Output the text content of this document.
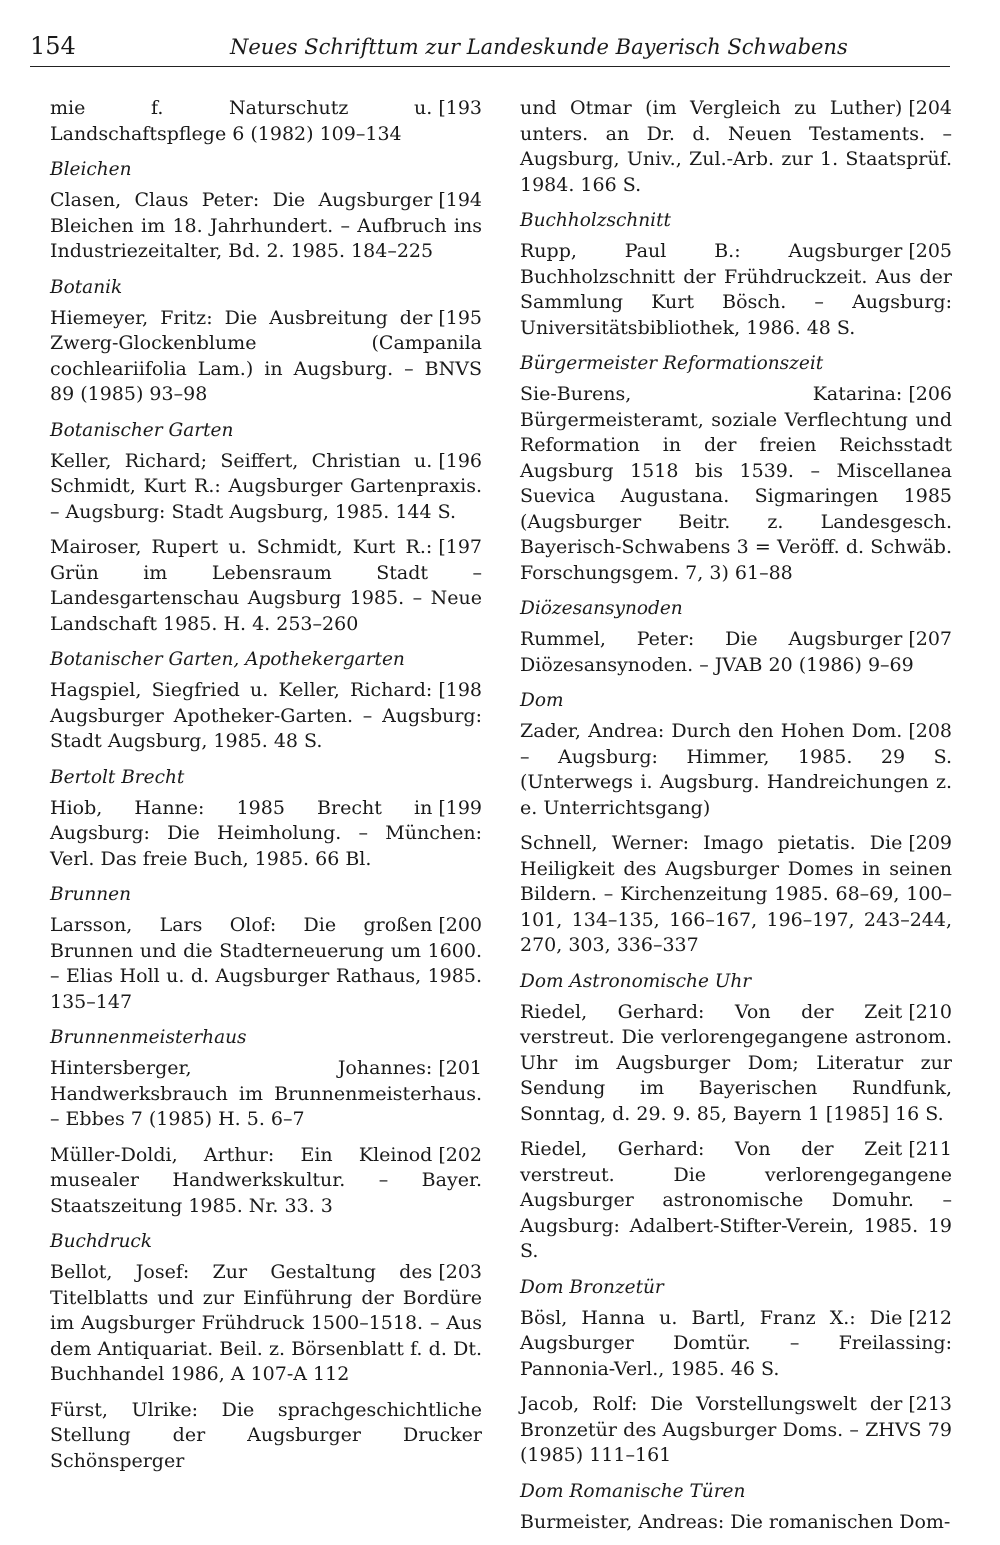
154	Neues Schrifttum zur Landeskunde Bayerisch Schwabens

[193
mie f. Naturschutz u. Landschaftspflege 6 (1982) 109–134

Bleichen

[194
Clasen, Claus Peter: Die Augsburger Bleichen im 18. Jahrhundert. – Aufbruch ins Industriezeitalter, Bd. 2. 1985. 184–225

Botanik

[195
Hiemeyer, Fritz: Die Ausbreitung der Zwerg-Glockenblume (Campanila cochleariifolia Lam.) in Augsburg. – BNVS 89 (1985) 93–98

Botanischer Garten

[196
Keller, Richard; Seiffert, Christian u. Schmidt, Kurt R.: Augsburger Gartenpraxis. – Augsburg: Stadt Augsburg, 1985. 144 S.

[197
Mairoser, Rupert u. Schmidt, Kurt R.: Grün im Lebensraum Stadt – Landesgartenschau Augsburg 1985. – Neue Landschaft 1985. H. 4. 253–260

Botanischer Garten, Apothekergarten

[198
Hagspiel, Siegfried u. Keller, Richard: Augsburger Apotheker-Garten. – Augsburg: Stadt Augsburg, 1985. 48 S.

Bertolt Brecht

[199
Hiob, Hanne: 1985 Brecht in Augsburg: Die Heimholung. – München: Verl. Das freie Buch, 1985. 66 Bl.

Brunnen

[200
Larsson, Lars Olof: Die großen Brunnen und die Stadterneuerung um 1600. – Elias Holl u. d. Augsburger Rathaus, 1985. 135–147

Brunnenmeisterhaus

[201
Hintersberger, Johannes: Handwerksbrauch im Brunnenmeisterhaus. – Ebbes 7 (1985) H. 5. 6–7

[202
Müller-Doldi, Arthur: Ein Kleinod musealer Handwerkskultur. – Bayer. Staatszeitung 1985. Nr. 33. 3

Buchdruck

[203
Bellot, Josef: Zur Gestaltung des Titelblatts und zur Einführung der Bordüre im Augsburger Frühdruck 1500–1518. – Aus dem Antiquariat. Beil. z. Börsenblatt f. d. Dt. Buchhandel 1986, A 107-A 112

Fürst, Ulrike: Die sprachgeschichtliche Stellung der Augsburger Drucker Schönsperger

[204
und Otmar (im Vergleich zu Luther) unters. an Dr. d. Neuen Testaments. – Augsburg, Univ., Zul.-Arb. zur 1. Staatsprüf. 1984. 166 S.

Buchholzschnitt

[205
Rupp, Paul B.: Augsburger Buchholzschnitt der Frühdruckzeit. Aus der Sammlung Kurt Bösch. – Augsburg: Universitätsbibliothek, 1986. 48 S.

Bürgermeister Reformationszeit

[206
Sie-Burens, Katarina: Bürgermeisteramt, soziale Verflechtung und Reformation in der freien Reichsstadt Augsburg 1518 bis 1539. – Miscellanea Suevica Augustana. Sigmaringen 1985 (Augsburger Beitr. z. Landesgesch. Bayerisch-Schwabens 3 = Veröff. d. Schwäb. Forschungsgem. 7, 3) 61–88

Diözesansynoden

[207
Rummel, Peter: Die Augsburger Diözesansynoden. – JVAB 20 (1986) 9–69

Dom

[208
Zader, Andrea: Durch den Hohen Dom. – Augsburg: Himmer, 1985. 29 S. (Unterwegs i. Augsburg. Handreichungen z. e. Unterrichtsgang)

[209
Schnell, Werner: Imago pietatis. Die Heiligkeit des Augsburger Domes in seinen Bildern. – Kirchenzeitung 1985. 68–69, 100–101, 134–135, 166–167, 196–197, 243–244, 270, 303, 336–337

Dom Astronomische Uhr

[210
Riedel, Gerhard: Von der Zeit verstreut. Die verlorengegangene astronom. Uhr im Augsburger Dom; Literatur zur Sendung im Bayerischen Rundfunk, Sonntag, d. 29. 9. 85, Bayern 1 [1985] 16 S.

[211
Riedel, Gerhard: Von der Zeit verstreut. Die verlorengegangene Augsburger astronomische Domuhr. – Augsburg: Adalbert-Stifter-Verein, 1985. 19 S.

Dom Bronzetür

[212
Bösl, Hanna u. Bartl, Franz X.: Die Augsburger Domtür. – Freilassing: Pannonia-Verl., 1985. 46 S.

[213
Jacob, Rolf: Die Vorstellungswelt der Bronzetür des Augsburger Doms. – ZHVS 79 (1985) 111–161

Dom Romanische Türen

Burmeister, Andreas: Die romanischen Dom-
